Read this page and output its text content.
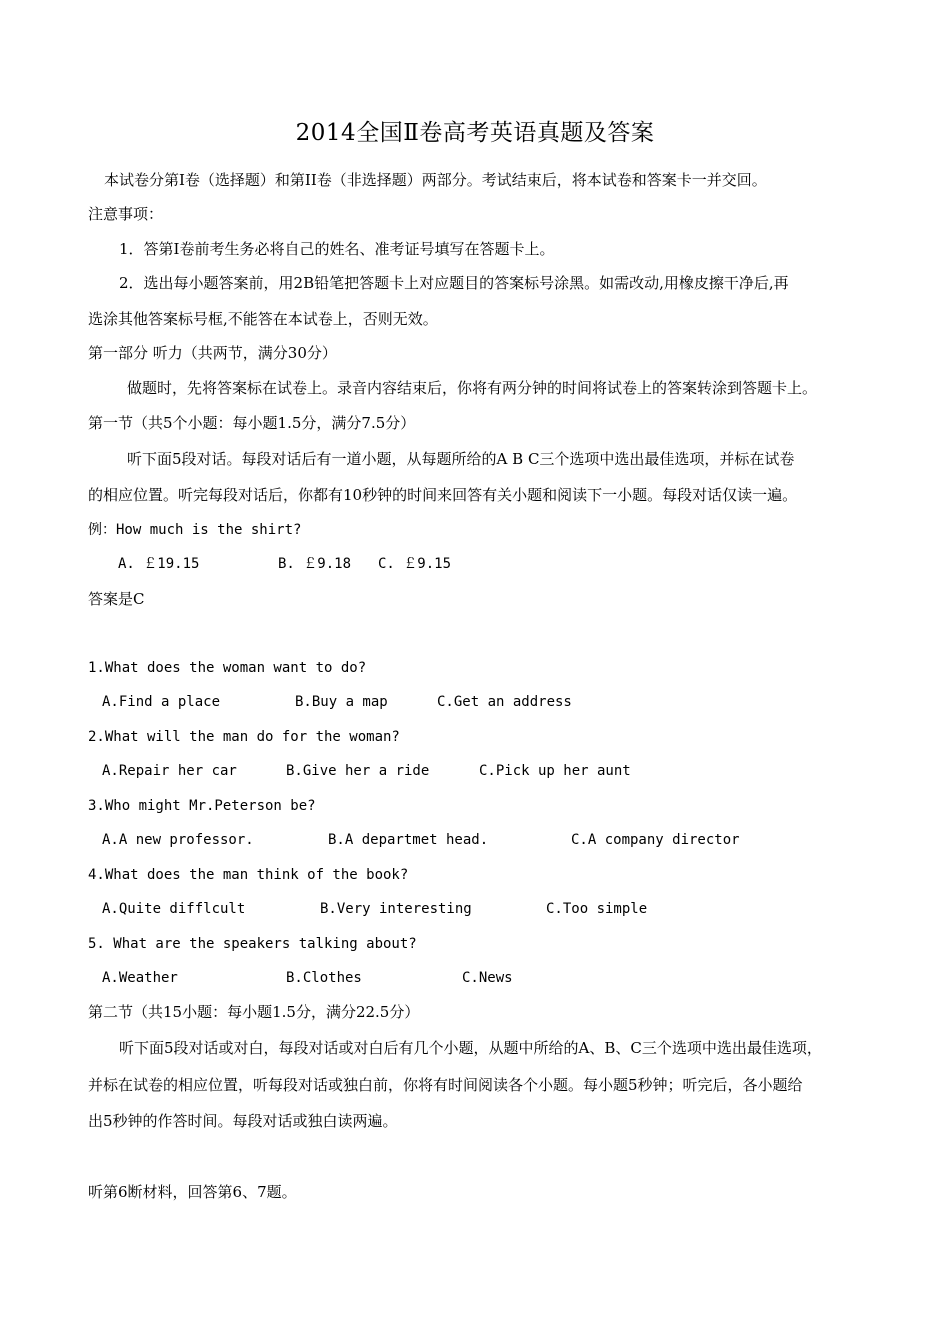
2014全国Ⅱ卷高考英语真题及答案
本试卷分第Ⅰ卷（选择题）和第II卷（非选择题）两部分。考试结束后，将本试卷和答案卡一并交回。
注意事项：
1．答第Ⅰ卷前考生务必将自己的姓名、准考证号填写在答题卡上。
2．选出每小题答案前，用2B铅笔把答题卡上对应题目的答案标号涂黑。如需改动,用橡皮擦干净后,再
选涂其他答案标号框,不能答在本试卷上，否则无效。
第一部分 听力（共两节，满分30分）
做题时，先将答案标在试卷上。录音内容结束后，你将有两分钟的时间将试卷上的答案转涂到答题卡上。
第一节（共5个小题：每小题1.5分，满分7.5分）
听下面5段对话。每段对话后有一道小题，从每题所给的A B C三个选项中选出最佳选项，并标在试卷
的相应位置。听完每段对话后，你都有10秒钟的时间来回答有关小题和阅读下一小题。每段对话仅读一遍。
例：How much is the shirt?
A. ￡19.15	B. ￡9.18 C. ￡9.15
答案是C
1.What does the woman want to do?
A.Find a place	B.Buy a map	C.Get an address
2.What will the man do for the woman?
A.Repair her car	B.Give her a ride	C.Pick up her aunt
3.Who might Mr.Peterson be?
A.A new professor.	B.A departmet head.	C.A company director
4.What does the man think of the book?
A.Quite difflcult	B.Very interesting	C.Too simple
5. What are the speakers talking about?
A.Weather	B.Clothes	C.News
第二节（共15小题：每小题1.5分，满分22.5分）
听下面5段对话或对白，每段对话或对白后有几个小题，从题中所给的A、B、C三个选项中选出最佳选项，
并标在试卷的相应位置，听每段对话或独白前，你将有时间阅读各个小题。每小题5秒钟；听完后，各小题给
出5秒钟的作答时间。每段对话或独白读两遍。
听第6断材料，回答第6、7题。
